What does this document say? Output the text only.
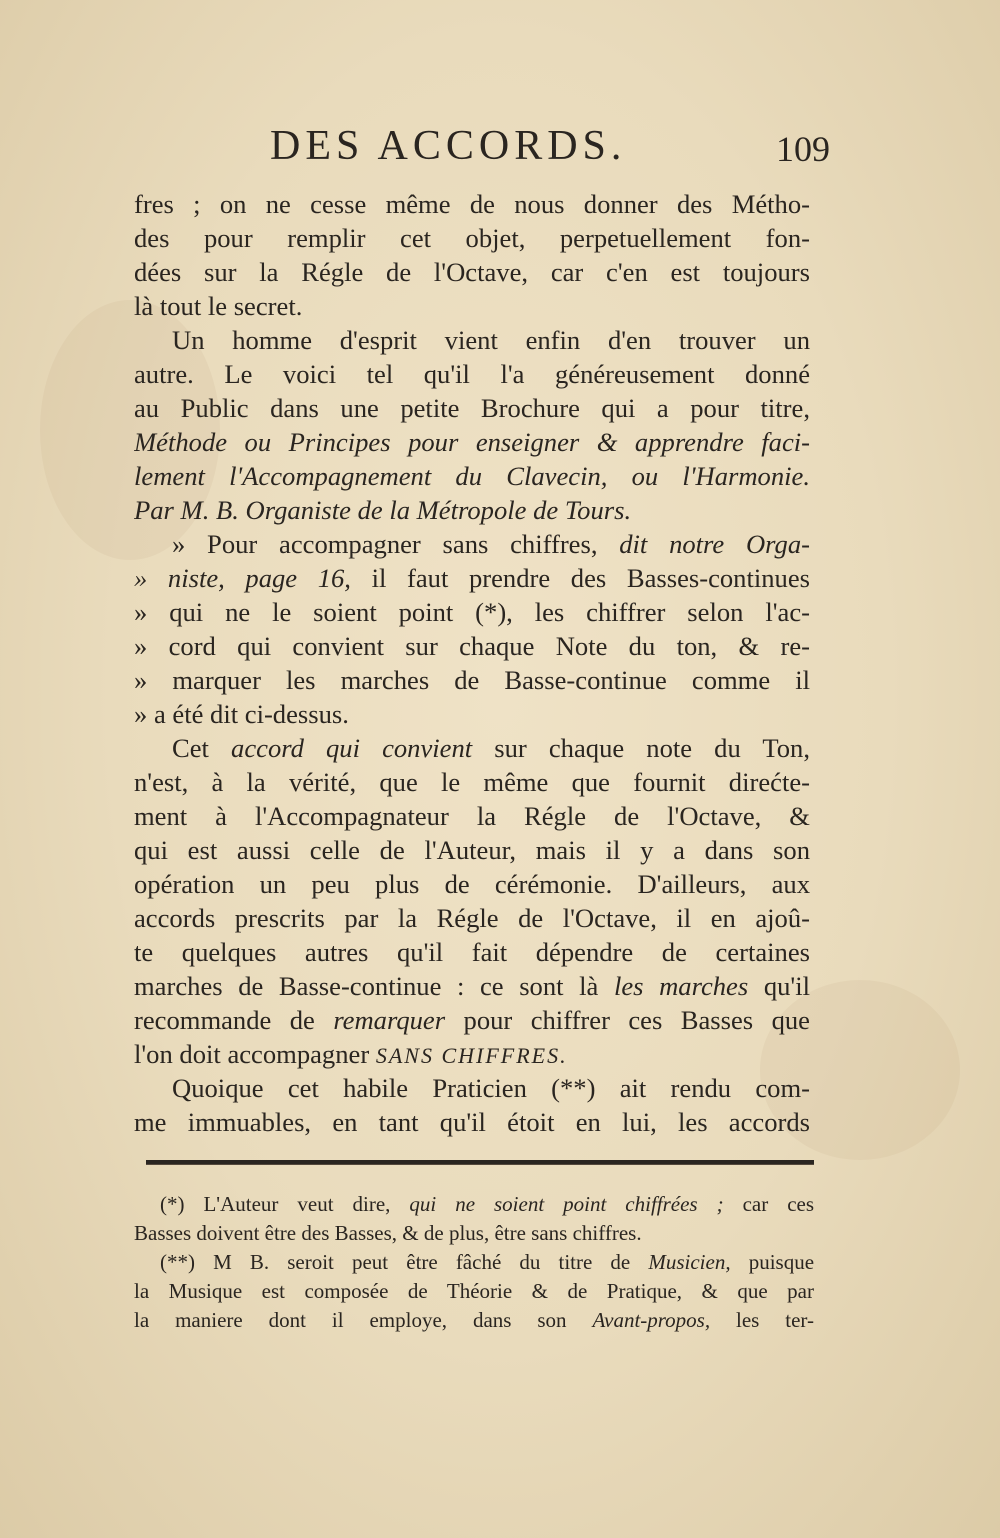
DES ACCORDS.	109
fres ; on ne cesse même de nous donner des Métho-
des pour remplir cet objet, perpetuellement fon-
dées sur la Régle de l'Octave, car c'en est toujours
là tout le secret.
Un homme d'esprit vient enfin d'en trouver un
autre. Le voici tel qu'il l'a généreusement donné
au Public dans une petite Brochure qui a pour titre,
Méthode ou Principes pour enseigner & apprendre faci-
lement l'Accompagnement du Clavecin, ou l'Harmonie.
Par M. B. Organiste de la Métropole de Tours.
» Pour accompagner sans chiffres, dit notre Orga-
» niste, page 16, il faut prendre des Basses-continues
» qui ne le soient point (*), les chiffrer selon l'ac-
» cord qui convient sur chaque Note du ton, & re-
» marquer les marches de Basse-continue comme il
» a été dit ci-dessus.
Cet accord qui convient sur chaque note du Ton,
n'est, à la vérité, que le même que fournit direćte-
ment à l'Accompagnateur la Régle de l'Octave, &
qui est aussi celle de l'Auteur, mais il y a dans son
opération un peu plus de cérémonie. D'ailleurs, aux
accords prescrits par la Régle de l'Octave, il en ajoû-
te quelques autres qu'il fait dépendre de certaines
marches de Basse-continue : ce sont là les marches qu'il
recommande de remarquer pour chiffrer ces Basses que
l'on doit accompagner SANS CHIFFRES.
Quoique cet habile Praticien (**) ait rendu com-
me immuables, en tant qu'il étoit en lui, les accords
(*) L'Auteur veut dire, qui ne soient point chiffrées ; car ces
Basses doivent être des Basses, & de plus, être sans chiffres.
(**) M B. seroit peut être fâché du titre de Musicien, puisque
la Musique est composée de Théorie & de Pratique, & que par
la maniere dont il employe, dans son Avant-propos, les ter-
